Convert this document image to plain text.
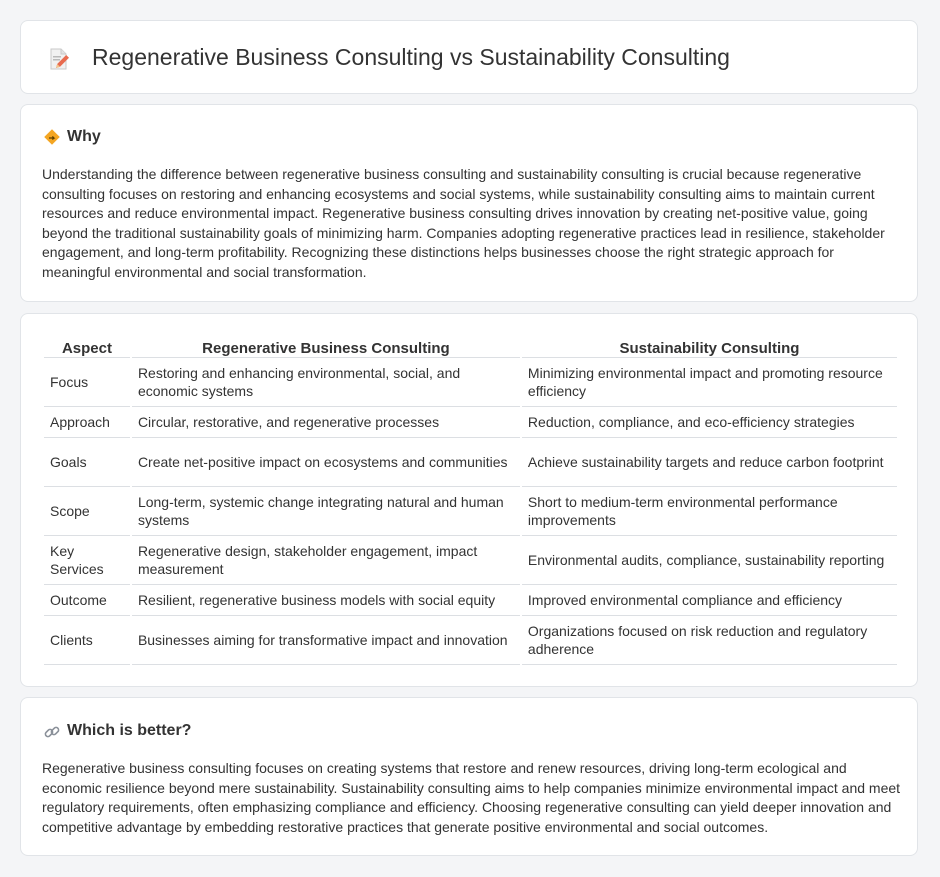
Regenerative Business Consulting vs Sustainability Consulting
Why

Understanding the difference between regenerative business consulting and sustainability consulting is crucial because regenerative consulting focuses on restoring and enhancing ecosystems and social systems, while sustainability consulting aims to maintain current resources and reduce environmental impact. Regenerative business consulting drives innovation by creating net-positive value, going beyond the traditional sustainability goals of minimizing harm. Companies adopting regenerative practices lead in resilience, stakeholder engagement, and long-term profitability. Recognizing these distinctions helps businesses choose the right strategic approach for meaningful environmental and social transformation.

Aspect	Regenerative Business Consulting	Sustainability Consulting
Focus	Restoring and enhancing environmental, social, and economic systems	Minimizing environmental impact and promoting resource efficiency
Approach	Circular, restorative, and regenerative processes	Reduction, compliance, and eco-efficiency strategies
Goals	Create net-positive impact on ecosystems and communities	Achieve sustainability targets and reduce carbon footprint
Scope	Long-term, systemic change integrating natural and human systems	Short to medium-term environmental performance improvements
Key Services	Regenerative design, stakeholder engagement, impact measurement	Environmental audits, compliance, sustainability reporting
Outcome	Resilient, regenerative business models with social equity	Improved environmental compliance and efficiency
Clients	Businesses aiming for transformative impact and innovation	Organizations focused on risk reduction and regulatory adherence
Which is better?

Regenerative business consulting focuses on creating systems that restore and renew resources, driving long-term ecological and economic resilience beyond mere sustainability. Sustainability consulting aims to help companies minimize environmental impact and meet regulatory requirements, often emphasizing compliance and efficiency. Choosing regenerative consulting can yield deeper innovation and competitive advantage by embedding restorative practices that generate positive environmental and social outcomes.
